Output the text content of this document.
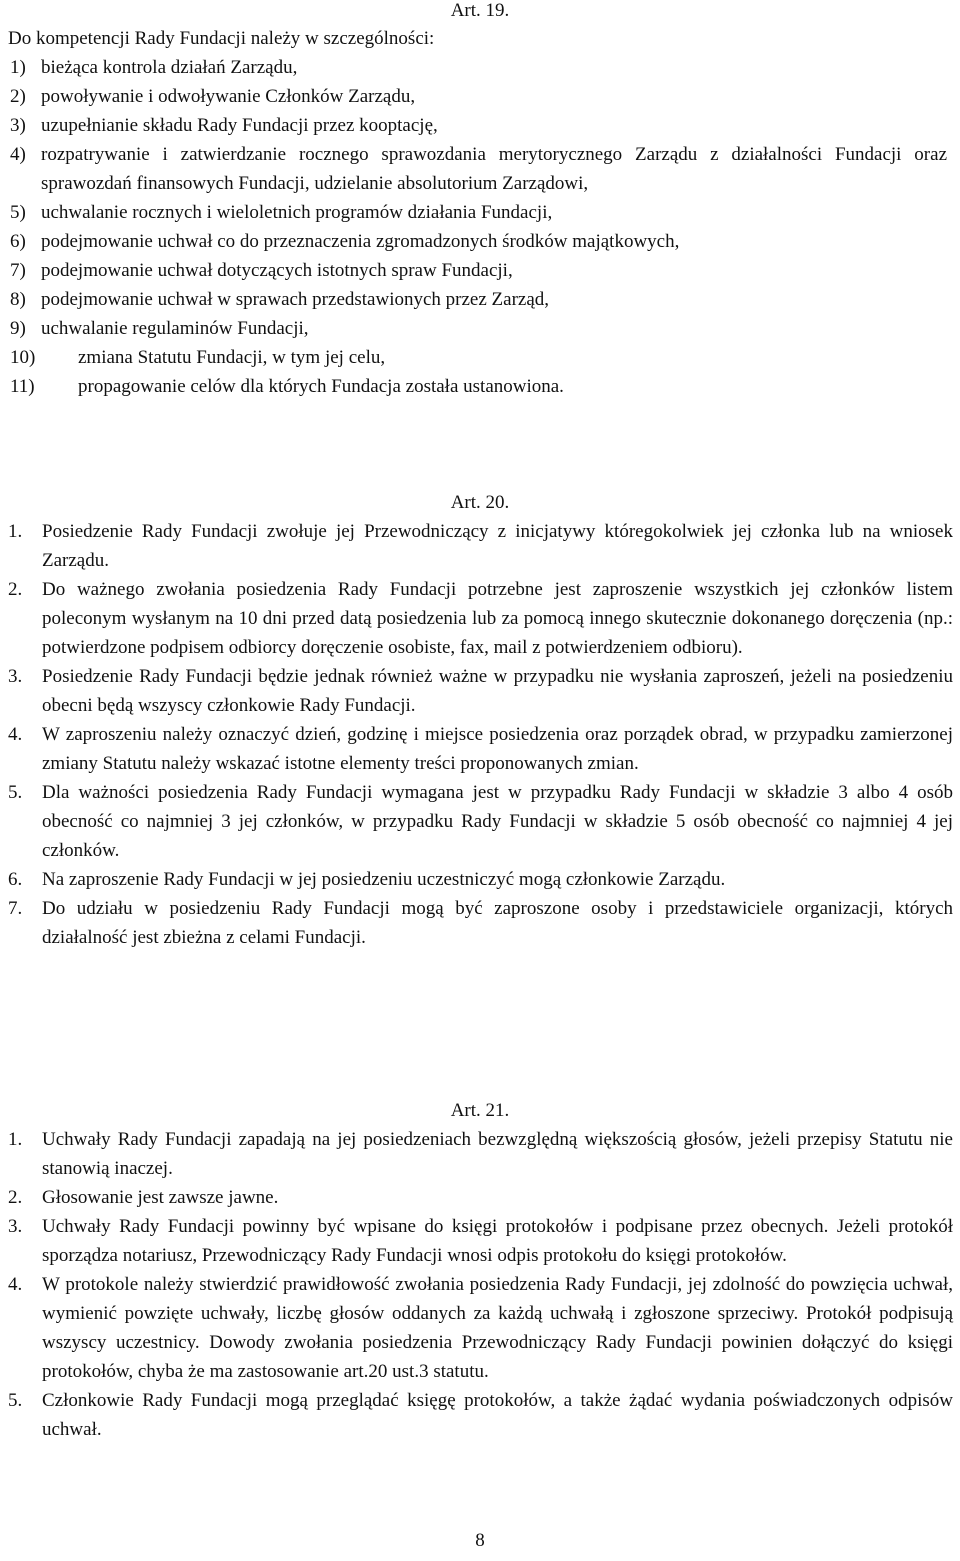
Art. 19.
Do kompetencji Rady Fundacji należy w szczególności:
1) bieżąca kontrola działań Zarządu,
2) powoływanie i odwoływanie Członków Zarządu,
3) uzupełnianie składu Rady Fundacji przez kooptację,
4) rozpatrywanie i zatwierdzanie rocznego sprawozdania merytorycznego Zarządu z działalności Fundacji oraz sprawozdań finansowych Fundacji, udzielanie absolutorium Zarządowi,
5) uchwalanie rocznych i wieloletnich programów działania Fundacji,
6) podejmowanie uchwał co do przeznaczenia zgromadzonych środków majątkowych,
7) podejmowanie uchwał dotyczących istotnych spraw Fundacji,
8) podejmowanie uchwał w sprawach przedstawionych przez Zarząd,
9) uchwalanie regulaminów Fundacji,
10)	zmiana Statutu Fundacji, w tym jej celu,
11)	propagowanie celów dla których Fundacja została ustanowiona.
Art. 20.
1.	Posiedzenie Rady Fundacji zwołuje jej Przewodniczący z inicjatywy któregokolwiek jej członka lub na wniosek Zarządu.
2.	Do ważnego zwołania posiedzenia Rady Fundacji potrzebne jest zaproszenie wszystkich jej członków listem poleconym wysłanym na 10 dni przed datą posiedzenia lub za pomocą innego skutecznie dokonanego doręczenia (np.: potwierdzone podpisem odbiorcy doręczenie osobiste, fax, mail z potwierdzeniem odbioru).
3.	Posiedzenie Rady Fundacji będzie jednak również ważne w przypadku nie wysłania zaproszeń, jeżeli na posiedzeniu obecni będą wszyscy członkowie Rady Fundacji.
4.	W zaproszeniu należy oznaczyć dzień, godzinę i miejsce posiedzenia oraz porządek obrad, w przypadku zamierzonej zmiany Statutu należy wskazać istotne elementy treści proponowanych zmian.
5.	Dla ważności posiedzenia Rady Fundacji wymagana jest w przypadku Rady Fundacji w składzie 3 albo 4 osób obecność co najmniej 3 jej członków, w przypadku Rady Fundacji w składzie 5 osób obecność co najmniej 4 jej członków.
6.	Na zaproszenie Rady Fundacji w jej posiedzeniu uczestniczyć mogą członkowie Zarządu.
7.	Do udziału w posiedzeniu Rady Fundacji mogą być zaproszone osoby i przedstawiciele organizacji, których działalność jest zbieżna z celami Fundacji.
Art. 21.
1.	Uchwały Rady Fundacji zapadają na jej posiedzeniach bezwzględną większością głosów, jeżeli przepisy Statutu nie stanowią inaczej.
2.	Głosowanie jest zawsze jawne.
3.	Uchwały Rady Fundacji powinny być wpisane do księgi protokołów i podpisane przez obecnych. Jeżeli protokół sporządza notariusz, Przewodniczący Rady Fundacji wnosi odpis protokołu do księgi protokołów.
4.	W protokole należy stwierdzić prawidłowość zwołania posiedzenia Rady Fundacji, jej zdolność do powzięcia uchwał, wymienić powzięte uchwały, liczbę głosów oddanych za każdą uchwałą i zgłoszone sprzeciwy. Protokół podpisują wszyscy uczestnicy. Dowody zwołania posiedzenia Przewodniczący Rady Fundacji powinien dołączyć do księgi protokołów, chyba że ma zastosowanie art.20 ust.3 statutu.
5.	Członkowie Rady Fundacji mogą przeglądać księgę protokołów, a także żądać wydania poświadczonych odpisów uchwał.
8
